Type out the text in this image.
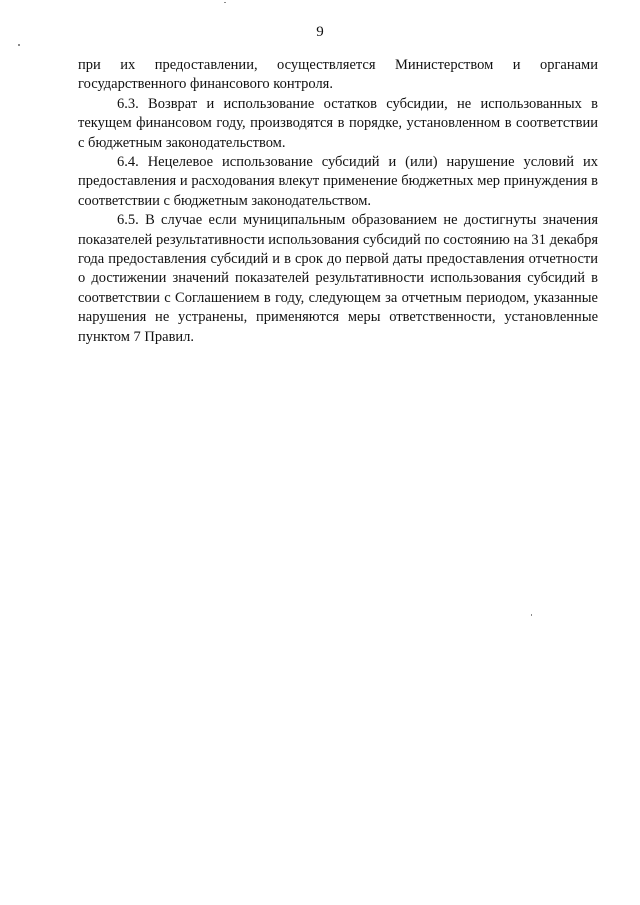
9

при их предоставлении, осуществляется Министерством и органами государственного финансового контроля.

6.3. Возврат и использование остатков субсидии, не использованных в текущем финансовом году, производятся в порядке, установленном в соответствии с бюджетным законодательством.

6.4. Нецелевое использование субсидий и (или) нарушение условий их предоставления и расходования влекут применение бюджетных мер принуждения в соответствии с бюджетным законодательством.

6.5. В случае если муниципальным образованием не достигнуты значения показателей результативности использования субсидий по состоянию на 31 декабря года предоставления субсидий и в срок до первой даты предоставления отчетности о достижении значений показателей результативности использования субсидий в соответствии с Соглашением в году, следующем за отчетным периодом, указанные нарушения не устранены, применяются меры ответственности, установленные пунктом 7 Правил.
